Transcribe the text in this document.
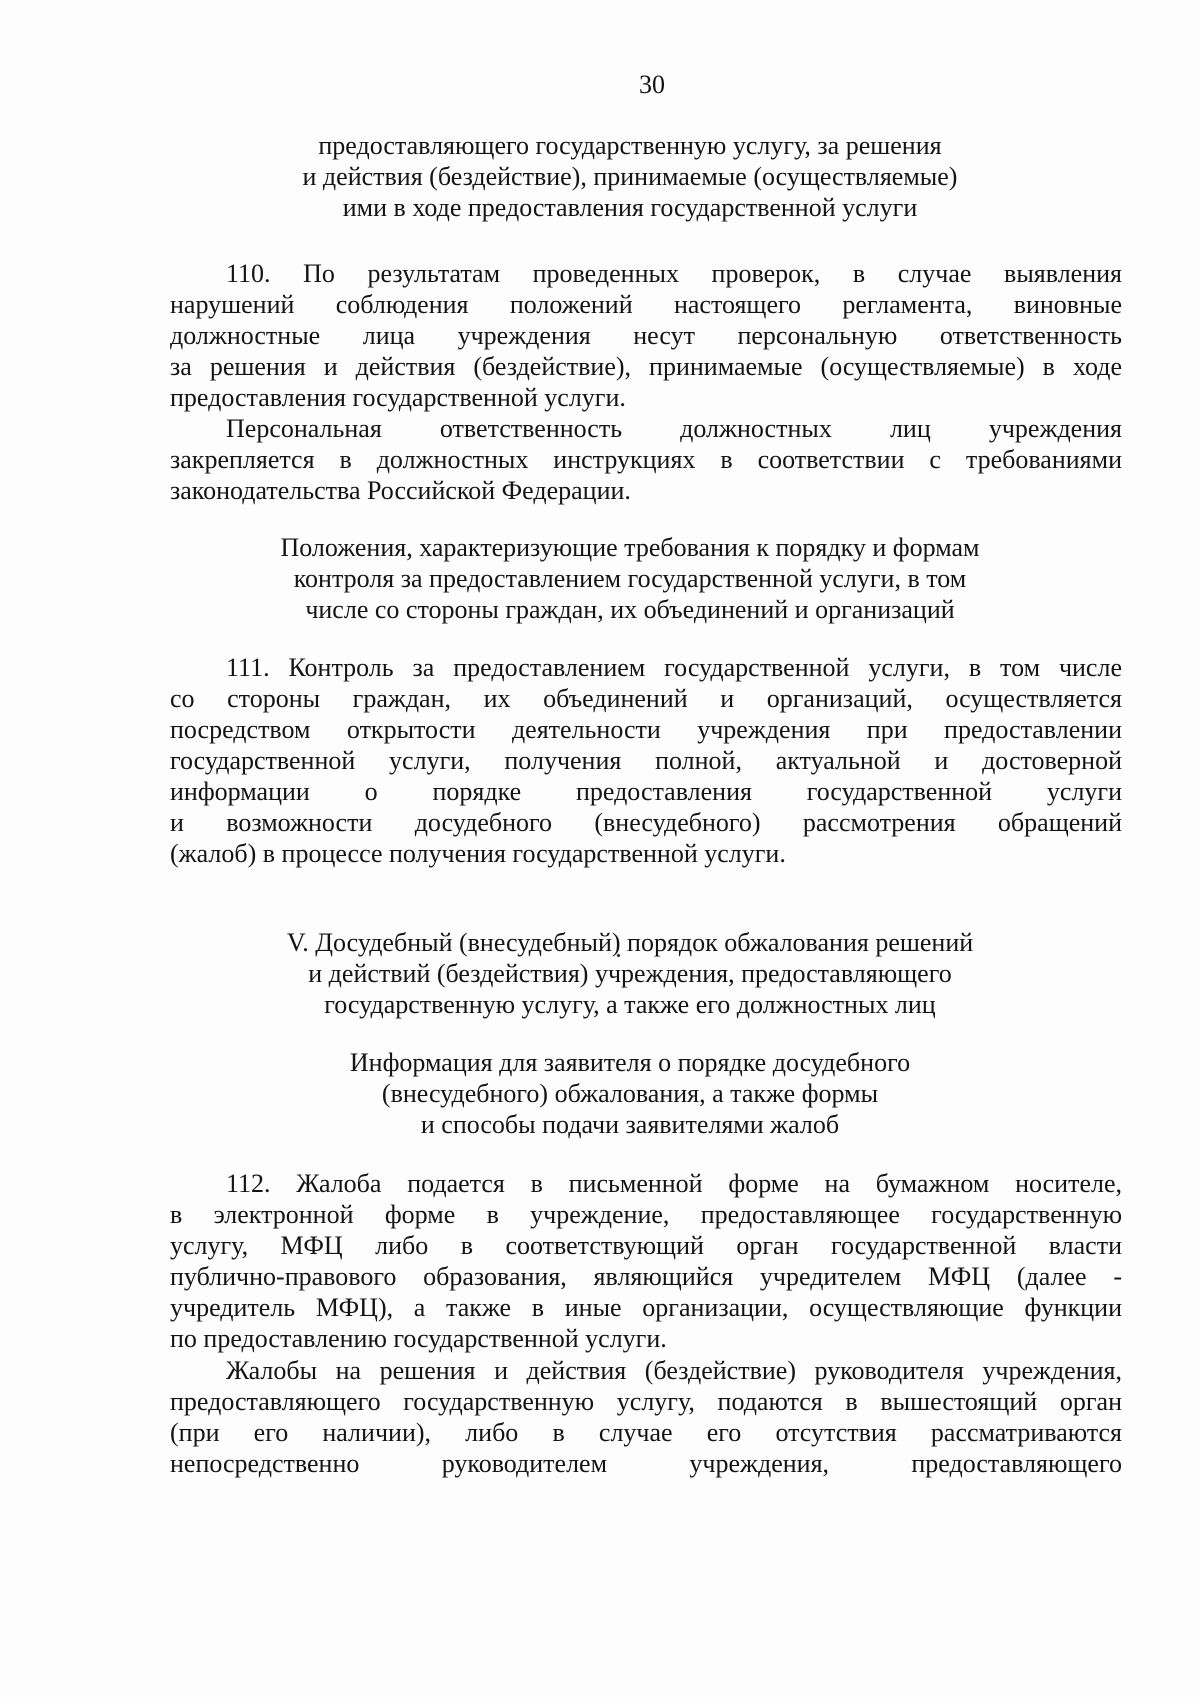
30
предоставляющего государственную услугу, за решения
и действия (бездействие), принимаемые (осуществляемые)
ими в ходе предоставления государственной услуги
110. По результатам проведенных проверок, в случае выявления
нарушений соблюдения положений настоящего регламента, виновные
должностные лица учреждения несут персональную ответственность
за решения и действия (бездействие), принимаемые (осуществляемые) в ходе
предоставления государственной услуги.
Персональная ответственность должностных лиц учреждения
закрепляется в должностных инструкциях в соответствии с требованиями
законодательства Российской Федерации.
Положения, характеризующие требования к порядку и формам
контроля за предоставлением государственной услуги, в том
числе со стороны граждан, их объединений и организаций
111. Контроль за предоставлением государственной услуги, в том числе
со стороны граждан, их объединений и организаций, осуществляется
посредством открытости деятельности учреждения при предоставлении
государственной услуги, получения полной, актуальной и достоверной
информации о порядке предоставления государственной услуги
и возможности досудебного (внесудебного) рассмотрения обращений
(жалоб) в процессе получения государственной услуги.
V. Досудебный (внесудебный) порядок обжалования решений
и действий (бездействия) учреждения, предоставляющего
государственную услугу, а также его должностных лиц
Информация для заявителя о порядке досудебного
(внесудебного) обжалования, а также формы
и способы подачи заявителями жалоб
112. Жалоба подается в письменной форме на бумажном носителе,
в электронной форме в учреждение, предоставляющее государственную
услугу, МФЦ либо в соответствующий орган государственной власти
публично-правового образования, являющийся учредителем МФЦ (далее -
учредитель МФЦ), а также в иные организации, осуществляющие функции
по предоставлению государственной услуги.
Жалобы на решения и действия (бездействие) руководителя учреждения,
предоставляющего государственную услугу, подаются в вышестоящий орган
(при его наличии), либо в случае его отсутствия рассматриваются
непосредственно руководителем учреждения, предоставляющего
